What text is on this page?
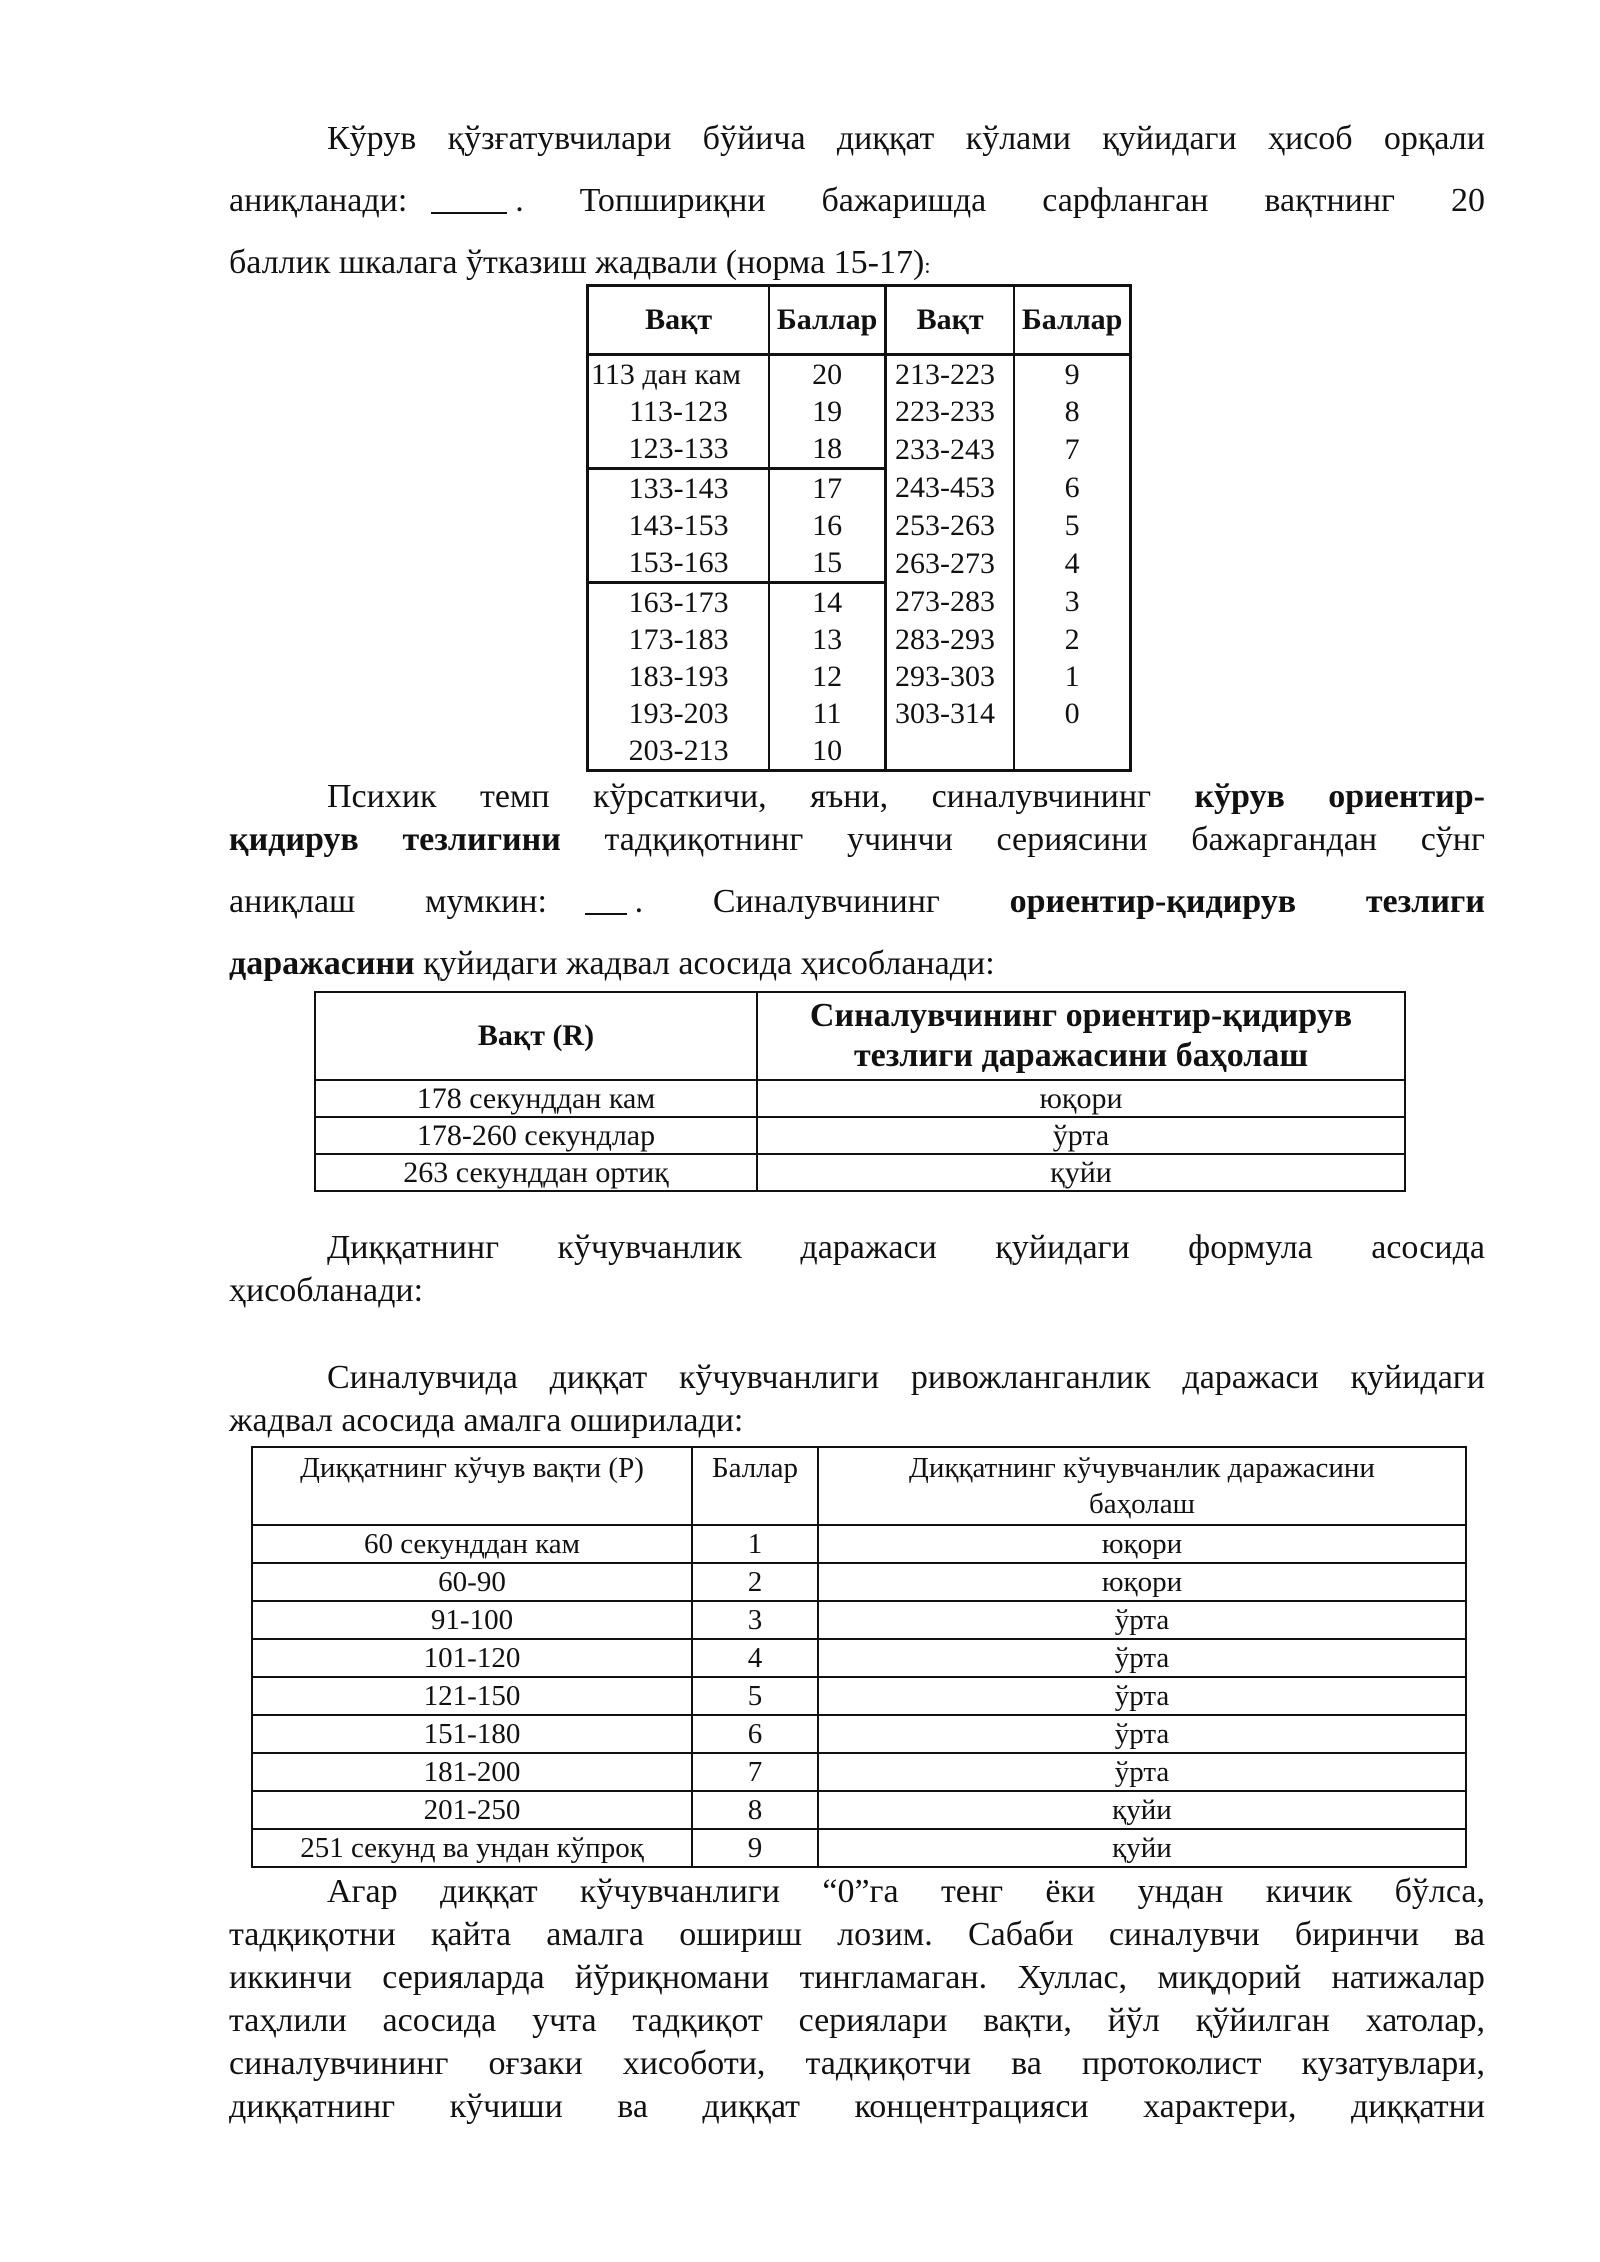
Кўрув қўзғатувчилари бўйича диққат кўлами қуйидаги ҳисоб орқали
аниқланади:	. Топшириқни бажаришда сарфланган вақтнинг 20
баллик шкалага ўтказиш жадвали (норма 15-17):
Вақт	Баллар	Вақт	Баллар
113 дан кам	20	213-223	9
113-123	19	223-233	8
123-133	18	233-243	7
133-143	17	243-453	6
143-153	16	253-263	5
153-163	15	263-273	4
163-173	14	273-283	3
173-183	13	283-293	2
183-193	12	293-303	1
193-203	11	303-314	0
203-213	10		
Психик темп кўрсаткичи, яъни, синалувчининг кўрув ориентир-
қидирув тезлигини тадқиқотнинг учинчи сериясини бажаргандан сўнг
аниқлаш мумкин:	. Синалувчининг ориентир-қидирув тезлиги
даражасини қуйидаги жадвал асосида ҳисобланади:
Вақт (R)	Синалувчининг ориентир-қидирув тезлиги даражасини баҳолаш
178 секунддан кам	юқори
178-260 секундлар	ўрта
263 секунддан ортиқ	қуйи
Диққатнинг кўчувчанлик даражаси қуйидаги формула асосида
ҳисобланади:
Синалувчида диққат кўчувчанлиги ривожланганлик даражаси қуйидаги
жадвал асосида амалга оширилади:
Диққатнинг кўчув вақти (Р)	Баллар	Диққатнинг кўчувчанлик даражасини баҳолаш
60 секунддан кам	1	юқори
60-90	2	юқори
91-100	3	ўрта
101-120	4	ўрта
121-150	5	ўрта
151-180	6	ўрта
181-200	7	ўрта
201-250	8	қуйи
251 секунд ва ундан кўпроқ	9	қуйи
Агар диққат кўчувчанлиги “0”га тенг ёки ундан кичик бўлса,
тадқиқотни қайта амалга ошириш лозим. Сабаби синалувчи биринчи ва
иккинчи серияларда йўриқномани тингламаган. Хуллас, миқдорий натижалар
таҳлили асосида учта тадқиқот сериялари вақти, йўл қўйилган хатолар,
синалувчининг оғзаки хисоботи, тадқиқотчи ва протоколист кузатувлари,
диққатнинг кўчиши ва диққат концентрацияси характери, диққатни
